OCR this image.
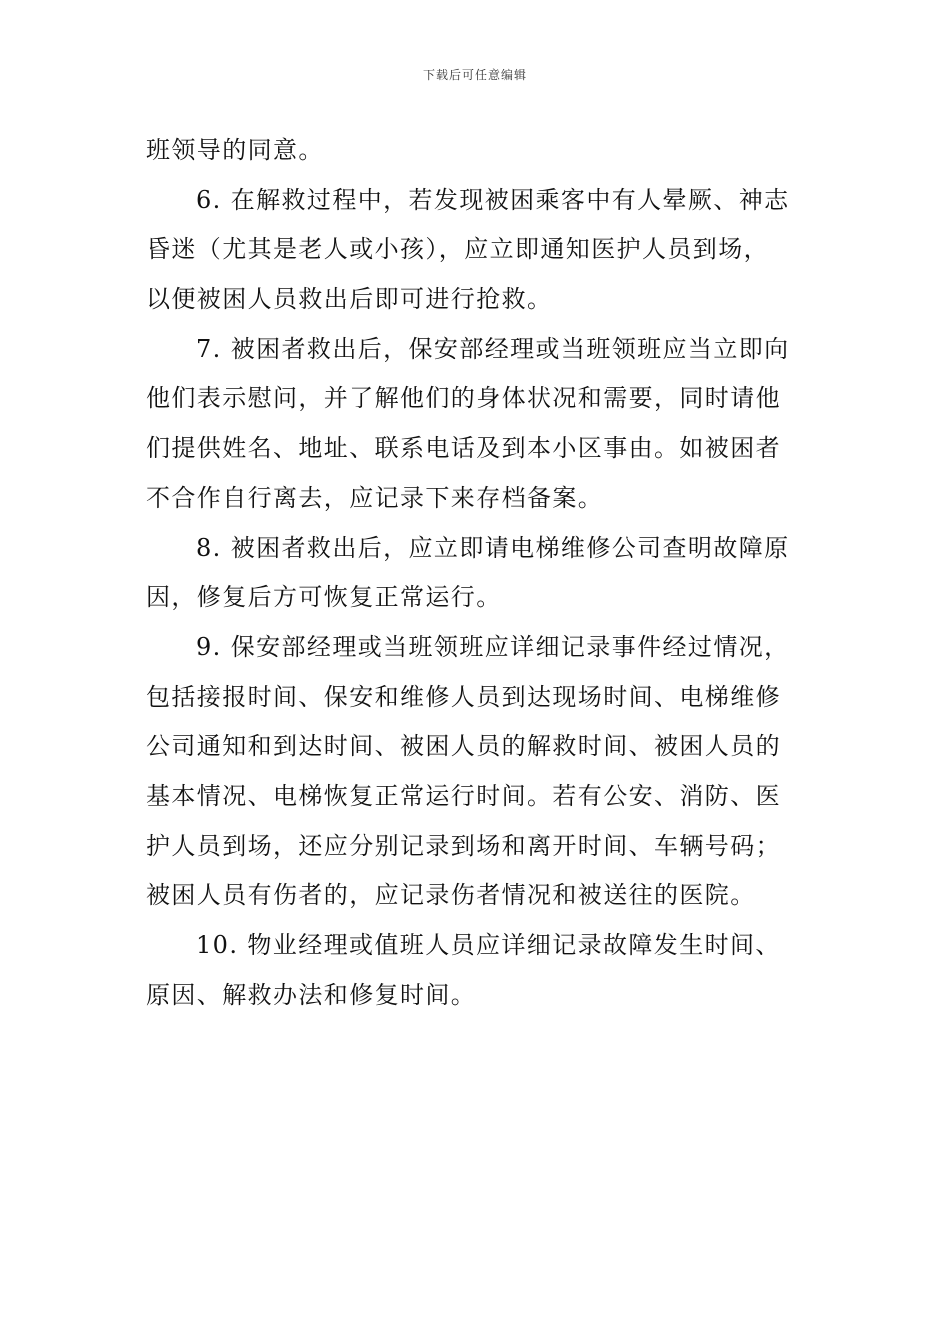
下载后可任意编辑
班领导的同意。
6. 在解救过程中，若发现被困乘客中有人晕厥、神志
昏迷（尤其是老人或小孩），应立即通知医护人员到场，
以便被困人员救出后即可进行抢救。
7. 被困者救出后，保安部经理或当班领班应当立即向
他们表示慰问，并了解他们的身体状况和需要，同时请他
们提供姓名、地址、联系电话及到本小区事由。如被困者
不合作自行离去，应记录下来存档备案。
8. 被困者救出后，应立即请电梯维修公司查明故障原
因，修复后方可恢复正常运行。
9. 保安部经理或当班领班应详细记录事件经过情况，
包括接报时间、保安和维修人员到达现场时间、电梯维修
公司通知和到达时间、被困人员的解救时间、被困人员的
基本情况、电梯恢复正常运行时间。若有公安、消防、医
护人员到场，还应分别记录到场和离开时间、车辆号码；
被困人员有伤者的，应记录伤者情况和被送往的医院。
10. 物业经理或值班人员应详细记录故障发生时间、
原因、解救办法和修复时间。
